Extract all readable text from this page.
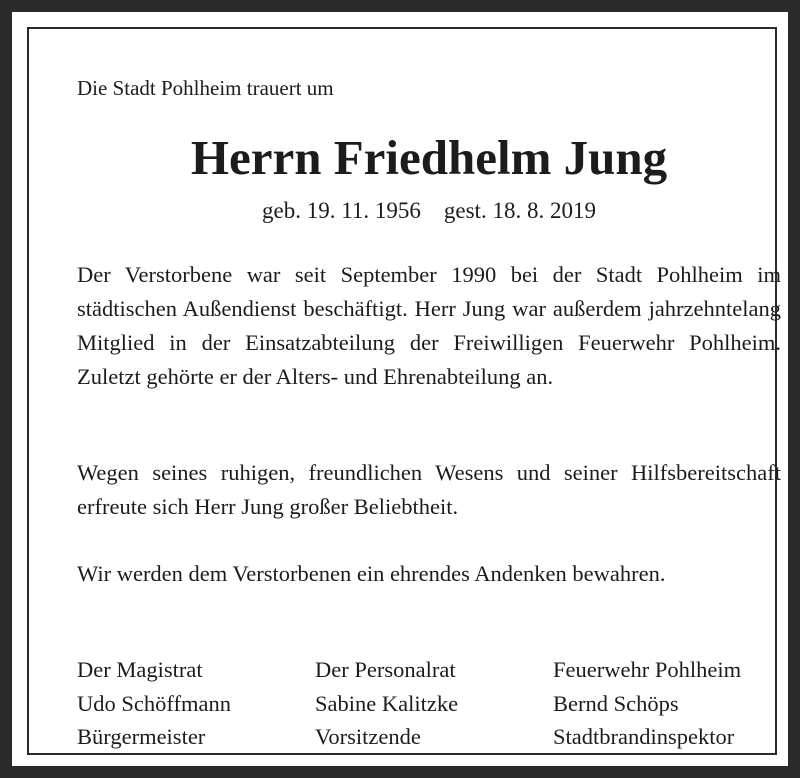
Die Stadt Pohlheim trauert um
Herrn Friedhelm Jung
geb. 19. 11. 1956 gest. 18. 8. 2019
Der Verstorbene war seit September 1990 bei der Stadt Pohlheim im städtischen Außendienst beschäftigt. Herr Jung war außerdem jahrzehntelang Mitglied in der Einsatzabteilung der Freiwilligen Feuerwehr Pohlheim. Zuletzt gehörte er der Alters- und Ehrenabteilung an.
Wegen seines ruhigen, freundlichen Wesens und seiner Hilfsbereitschaft erfreute sich Herr Jung großer Beliebtheit.
Wir werden dem Verstorbenen ein ehrendes Andenken bewahren.
Der Magistrat
Udo Schöffmann
Bürgermeister
Der Personalrat
Sabine Kalitzke
Vorsitzende
Feuerwehr Pohlheim
Bernd Schöps
Stadtbrandinspektor
